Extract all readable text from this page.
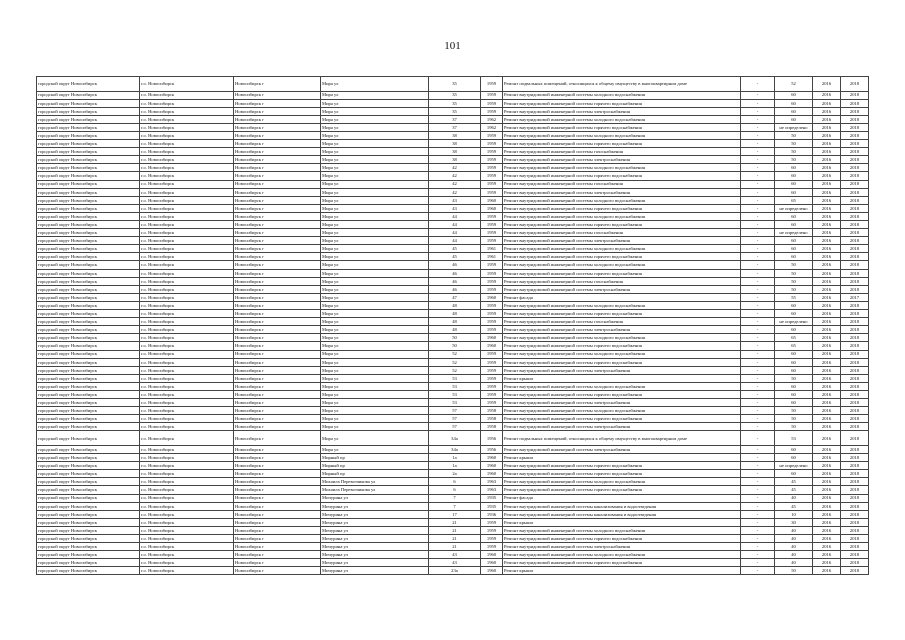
101
городской округ Новосибирск	г.о. Новосибирск	Новосибирск г	Мира ул	35	1959	Ремонт подвальных помещений, относящихся к общему имуществу в многоквартирном доме	-	52	2016	2018
городской округ Новосибирск	г.о. Новосибирск	Новосибирск г	Мира ул	35	1959	Ремонт внутридомовой инженерной системы холодного водоснабжения	-	60	2016	2018
городской округ Новосибирск	г.о. Новосибирск	Новосибирск г	Мира ул	35	1959	Ремонт внутридомовой инженерной системы горячего водоснабжения	-	60	2016	2018
городской округ Новосибирск	г.о. Новосибирск	Новосибирск г	Мира ул	35	1959	Ремонт внутридомовой инженерной системы электроснабжения	-	60	2016	2018
городской округ Новосибирск	г.о. Новосибирск	Новосибирск г	Мира ул	37	1962	Ремонт внутридомовой инженерной системы холодного водоснабжения	-	60	2016	2018
городской округ Новосибирск	г.о. Новосибирск	Новосибирск г	Мира ул	37	1962	Ремонт внутридомовой инженерной системы горячего водоснабжения	-	не определено	2016	2018
городской округ Новосибирск	г.о. Новосибирск	Новосибирск г	Мира ул	38	1959	Ремонт внутридомовой инженерной системы холодного водоснабжения	-	50	2016	2018
городской округ Новосибирск	г.о. Новосибирск	Новосибирск г	Мира ул	38	1959	Ремонт внутридомовой инженерной системы горячего водоснабжения	-	50	2016	2018
городской округ Новосибирск	г.о. Новосибирск	Новосибирск г	Мира ул	38	1959	Ремонт внутридомовой инженерной системы газоснабжения	-	50	2016	2018
городской округ Новосибирск	г.о. Новосибирск	Новосибирск г	Мира ул	38	1959	Ремонт внутридомовой инженерной системы электроснабжения	-	50	2016	2018
городской округ Новосибирск	г.о. Новосибирск	Новосибирск г	Мира ул	42	1959	Ремонт внутридомовой инженерной системы холодного водоснабжения	-	60	2016	2018
городской округ Новосибирск	г.о. Новосибирск	Новосибирск г	Мира ул	42	1959	Ремонт внутридомовой инженерной системы горячего водоснабжения	-	60	2016	2018
городской округ Новосибирск	г.о. Новосибирск	Новосибирск г	Мира ул	42	1959	Ремонт внутридомовой инженерной системы газоснабжения	-	60	2016	2018
городской округ Новосибирск	г.о. Новосибирск	Новосибирск г	Мира ул	42	1959	Ремонт внутридомовой инженерной системы электроснабжения	-	60	2016	2018
городской округ Новосибирск	г.о. Новосибирск	Новосибирск г	Мира ул	43	1960	Ремонт внутридомовой инженерной системы холодного водоснабжения	-	65	2016	2018
городской округ Новосибирск	г.о. Новосибирск	Новосибирск г	Мира ул	43	1960	Ремонт внутридомовой инженерной системы горячего водоснабжения	-	не определено	2016	2018
городской округ Новосибирск	г.о. Новосибирск	Новосибирск г	Мира ул	44	1959	Ремонт внутридомовой инженерной системы холодного водоснабжения	-	60	2016	2018
городской округ Новосибирск	г.о. Новосибирск	Новосибирск г	Мира ул	44	1959	Ремонт внутридомовой инженерной системы горячего водоснабжения	-	60	2016	2018
городской округ Новосибирск	г.о. Новосибирск	Новосибирск г	Мира ул	44	1959	Ремонт внутридомовой инженерной системы газоснабжения	-	не определено	2016	2018
городской округ Новосибирск	г.о. Новосибирск	Новосибирск г	Мира ул	44	1959	Ремонт внутридомовой инженерной системы электроснабжения	-	60	2016	2018
городской округ Новосибирск	г.о. Новосибирск	Новосибирск г	Мира ул	45	1961	Ремонт внутридомовой инженерной системы холодного водоснабжения	-	60	2016	2018
городской округ Новосибирск	г.о. Новосибирск	Новосибирск г	Мира ул	45	1961	Ремонт внутридомовой инженерной системы горячего водоснабжения	-	60	2016	2018
городской округ Новосибирск	г.о. Новосибирск	Новосибирск г	Мира ул	46	1959	Ремонт внутридомовой инженерной системы холодного водоснабжения	-	50	2016	2018
городской округ Новосибирск	г.о. Новосибирск	Новосибирск г	Мира ул	46	1959	Ремонт внутридомовой инженерной системы горячего водоснабжения	-	50	2016	2018
городской округ Новосибирск	г.о. Новосибирск	Новосибирск г	Мира ул	46	1959	Ремонт внутридомовой инженерной системы газоснабжения	-	50	2016	2018
городской округ Новосибирск	г.о. Новосибирск	Новосибирск г	Мира ул	46	1959	Ремонт внутридомовой инженерной системы электроснабжения	-	50	2016	2018
городской округ Новосибирск	г.о. Новосибирск	Новосибирск г	Мира ул	47	1960	Ремонт фасада	-	55	2016	2017
городской округ Новосибирск	г.о. Новосибирск	Новосибирск г	Мира ул	48	1959	Ремонт внутридомовой инженерной системы холодного водоснабжения	-	60	2016	2018
городской округ Новосибирск	г.о. Новосибирск	Новосибирск г	Мира ул	48	1959	Ремонт внутридомовой инженерной системы горячего водоснабжения	-	60	2016	2018
городской округ Новосибирск	г.о. Новосибирск	Новосибирск г	Мира ул	48	1959	Ремонт внутридомовой инженерной системы газоснабжения	-	не определено	2016	2018
городской округ Новосибирск	г.о. Новосибирск	Новосибирск г	Мира ул	48	1959	Ремонт внутридомовой инженерной системы электроснабжения	-	60	2016	2018
городской округ Новосибирск	г.о. Новосибирск	Новосибирск г	Мира ул	50	1960	Ремонт внутридомовой инженерной системы холодного водоснабжения	-	65	2016	2018
городской округ Новосибирск	г.о. Новосибирск	Новосибирск г	Мира ул	50	1960	Ремонт внутридомовой инженерной системы горячего водоснабжения	-	65	2016	2018
городской округ Новосибирск	г.о. Новосибирск	Новосибирск г	Мира ул	52	1959	Ремонт внутридомовой инженерной системы холодного водоснабжения	-	60	2016	2018
городской округ Новосибирск	г.о. Новосибирск	Новосибирск г	Мира ул	52	1959	Ремонт внутридомовой инженерной системы горячего водоснабжения	-	60	2016	2018
городской округ Новосибирск	г.о. Новосибирск	Новосибирск г	Мира ул	52	1959	Ремонт внутридомовой инженерной системы электроснабжения	-	60	2016	2018
городской округ Новосибирск	г.о. Новосибирск	Новосибирск г	Мира ул	53	1959	Ремонт крыши	-	50	2016	2018
городской округ Новосибирск	г.о. Новосибирск	Новосибирск г	Мира ул	53	1959	Ремонт внутридомовой инженерной системы холодного водоснабжения	-	60	2016	2018
городской округ Новосибирск	г.о. Новосибирск	Новосибирск г	Мира ул	53	1959	Ремонт внутридомовой инженерной системы горячего водоснабжения	-	60	2016	2018
городской округ Новосибирск	г.о. Новосибирск	Новосибирск г	Мира ул	53	1959	Ремонт внутридомовой инженерной системы электроснабжения	-	60	2016	2018
городской округ Новосибирск	г.о. Новосибирск	Новосибирск г	Мира ул	57	1958	Ремонт внутридомовой инженерной системы холодного водоснабжения	-	50	2016	2018
городской округ Новосибирск	г.о. Новосибирск	Новосибирск г	Мира ул	57	1958	Ремонт внутридомовой инженерной системы горячего водоснабжения	-	50	2016	2018
городской округ Новосибирск	г.о. Новосибирск	Новосибирск г	Мира ул	57	1958	Ремонт внутридомовой инженерной системы электроснабжения	-	50	2016	2018
городской округ Новосибирск	г.о. Новосибирск	Новосибирск г	Мира ул	34а	1956	Ремонт подвальных помещений, относящихся к общему имуществу в многоквартирном доме	-	53	2016	2018
городской округ Новосибирск	г.о. Новосибирск	Новосибирск г	Мира ул	34а	1956	Ремонт внутридомовой инженерной системы электроснабжения	-	60	2016	2018
городской округ Новосибирск	г.о. Новосибирск	Новосибирск г	Мирный пр	1а	1960	Ремонт крыши	-	60	2016	2018
городской округ Новосибирск	г.о. Новосибирск	Новосибирск г	Мирный пр	1а	1960	Ремонт внутридомовой инженерной системы горячего водоснабжения	-	не определено	2016	2018
городской округ Новосибирск	г.о. Новосибирск	Новосибирск г	Мирный пр	2а	1960	Ремонт внутридомовой инженерной системы горячего водоснабжения	-	60	2016	2018
городской округ Новосибирск	г.о. Новосибирск	Новосибирск г	Михаила Перевозчикова ул	6	1963	Ремонт внутридомовой инженерной системы холодного водоснабжения	-	45	2016	2018
городской округ Новосибирск	г.о. Новосибирск	Новосибирск г	Михаила Перевозчикова ул	6	1963	Ремонт внутридомовой инженерной системы горячего водоснабжения	-	45	2016	2018
городской округ Новосибирск	г.о. Новосибирск	Новосибирск г	Мичурина ул	7	1935	Ремонт фасада	-	40	2016	2018
городской округ Новосибирск	г.о. Новосибирск	Новосибирск г	Мичурина ул	7	1935	Ремонт внутридомовой инженерной системы канализования и водоотведения	-	45	2016	2018
городской округ Новосибирск	г.о. Новосибирск	Новосибирск г	Мичурина ул	17	1936	Ремонт внутридомовой инженерной системы канализования и водоотведения	-	10	2016	2018
городской округ Новосибирск	г.о. Новосибирск	Новосибирск г	Мичурина ул	21	1959	Ремонт крыши	-	30	2016	2018
городской округ Новосибирск	г.о. Новосибирск	Новосибирск г	Мичурина ул	21	1959	Ремонт внутридомовой инженерной системы холодного водоснабжения	-	40	2016	2018
городской округ Новосибирск	г.о. Новосибирск	Новосибирск г	Мичурина ул	21	1959	Ремонт внутридомовой инженерной системы горячего водоснабжения	-	40	2016	2018
городской округ Новосибирск	г.о. Новосибирск	Новосибирск г	Мичурина ул	21	1959	Ремонт внутридомовой инженерной системы электроснабжения	-	40	2016	2018
городской округ Новосибирск	г.о. Новосибирск	Новосибирск г	Мичурина ул	43	1960	Ремонт внутридомовой инженерной системы холодного водоснабжения	-	40	2016	2018
городской округ Новосибирск	г.о. Новосибирск	Новосибирск г	Мичурина ул	43	1960	Ремонт внутридомовой инженерной системы горячего водоснабжения	-	40	2016	2018
городской округ Новосибирск	г.о. Новосибирск	Новосибирск г	Мичурина ул	23а	1960	Ремонт крыши	-	50	2016	2018
